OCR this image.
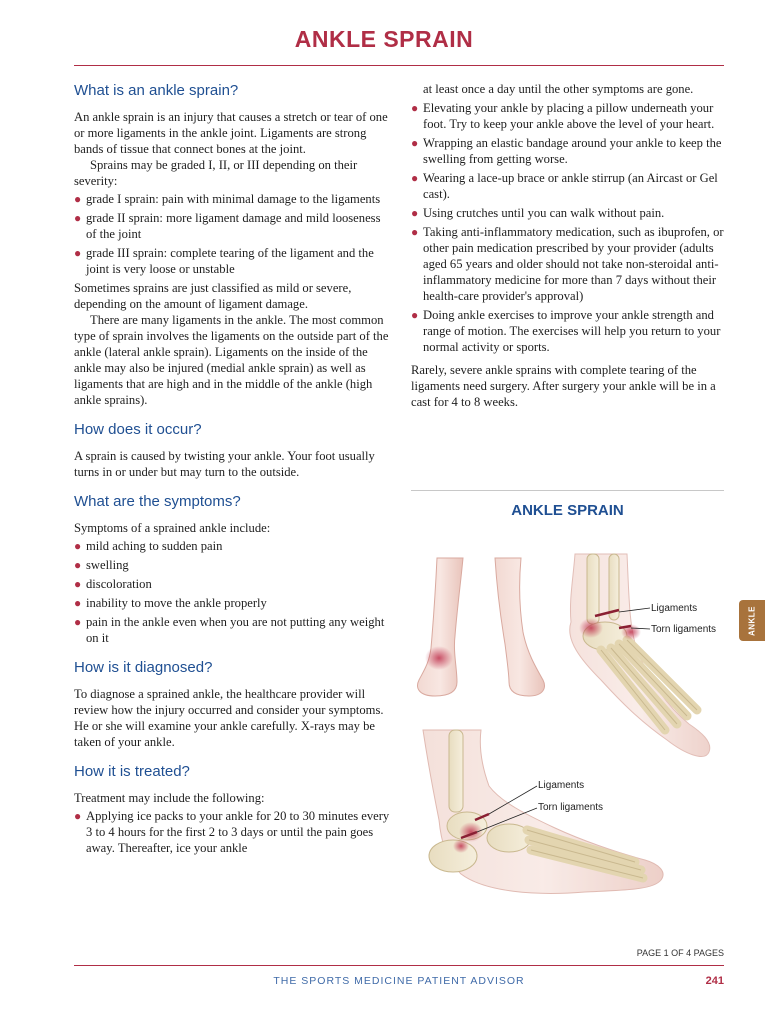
ANKLE SPRAIN
What is an ankle sprain?

An ankle sprain is an injury that causes a stretch or tear of one or more ligaments in the ankle joint. Ligaments are strong bands of tissue that connect bones at the joint.

Sprains may be graded I, II, or III depending on their severity:

● grade I sprain: pain with minimal damage to the ligaments
● grade II sprain: more ligament damage and mild looseness of the joint
● grade III sprain: complete tearing of the ligament and the joint is very loose or unstable

Sometimes sprains are just classified as mild or severe, depending on the amount of ligament damage.

There are many ligaments in the ankle. The most common type of sprain involves the ligaments on the outside part of the ankle (lateral ankle sprain). Ligaments on the inside of the ankle may also be injured (medial ankle sprain) as well as ligaments that are high and in the middle of the ankle (high ankle sprains).

How does it occur?

A sprain is caused by twisting your ankle. Your foot usually turns in or under but may turn to the outside.

What are the symptoms?

Symptoms of a sprained ankle include:

● mild aching to sudden pain
● swelling
● discoloration
● inability to move the ankle properly
● pain in the ankle even when you are not putting any weight on it
How is it diagnosed?

To diagnose a sprained ankle, the healthcare provider will review how the injury occurred and consider your symptoms. He or she will examine your ankle carefully. X-rays may be taken of your ankle.

How it is treated?

Treatment may include the following:

● Applying ice packs to your ankle for 20 to 30 minutes every 3 to 4 hours for the first 2 to 3 days or until the pain goes away. Thereafter, ice your ankle
at least once a day until the other symptoms are gone.
● Elevating your ankle by placing a pillow underneath your foot. Try to keep your ankle above the level of your heart.
● Wrapping an elastic bandage around your ankle to keep the swelling from getting worse.
● Wearing a lace-up brace or ankle stirrup (an Aircast or Gel cast).
● Using crutches until you can walk without pain.
● Taking anti-inflammatory medication, such as ibuprofen, or other pain medication prescribed by your provider (adults aged 65 years and older should not take non-steroidal anti-inflammatory medicine for more than 7 days without their health-care provider's approval)
● Doing ankle exercises to improve your ankle strength and range of motion. The exercises will help you return to your normal activity or sports.

Rarely, severe ankle sprains with complete tearing of the ligaments need surgery. After surgery your ankle will be in a cast for 4 to 8 weeks.

ANKLE SPRAIN
Ligaments
Torn ligaments
Ligaments
Torn ligaments
ANKLE
PAGE 1 OF 4 PAGES
THE SPORTS MEDICINE PATIENT ADVISOR	241
